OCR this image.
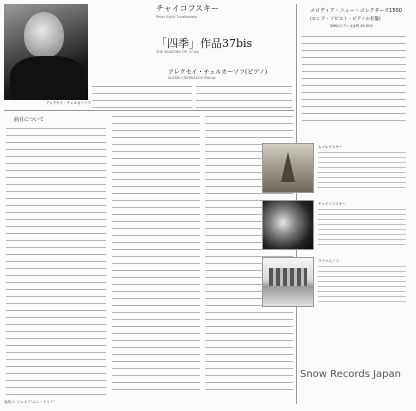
アレクセイ・チェルカーソフ
チャイコフスキー
Peter Ilyich Tchaikovsky
「四季」作品37bis
THE SEASONS OP. 37-bis
アレクセイ・チェルカーソフ(ピアノ)
ALEXEI CHERKASOV Pianist
曲目について
メロディア・ニュー・コレクターズ1500
(ロシア・ソビエト・ピアノの名盤)
SMK(ステレオ/LP) ¥1,500
ムソルグスキー
チャイコフスキー
ラフマニノフ
Snow Records Japan
表紙: Ⅰ. ジュボフ“ユニ・ドゥイ”
